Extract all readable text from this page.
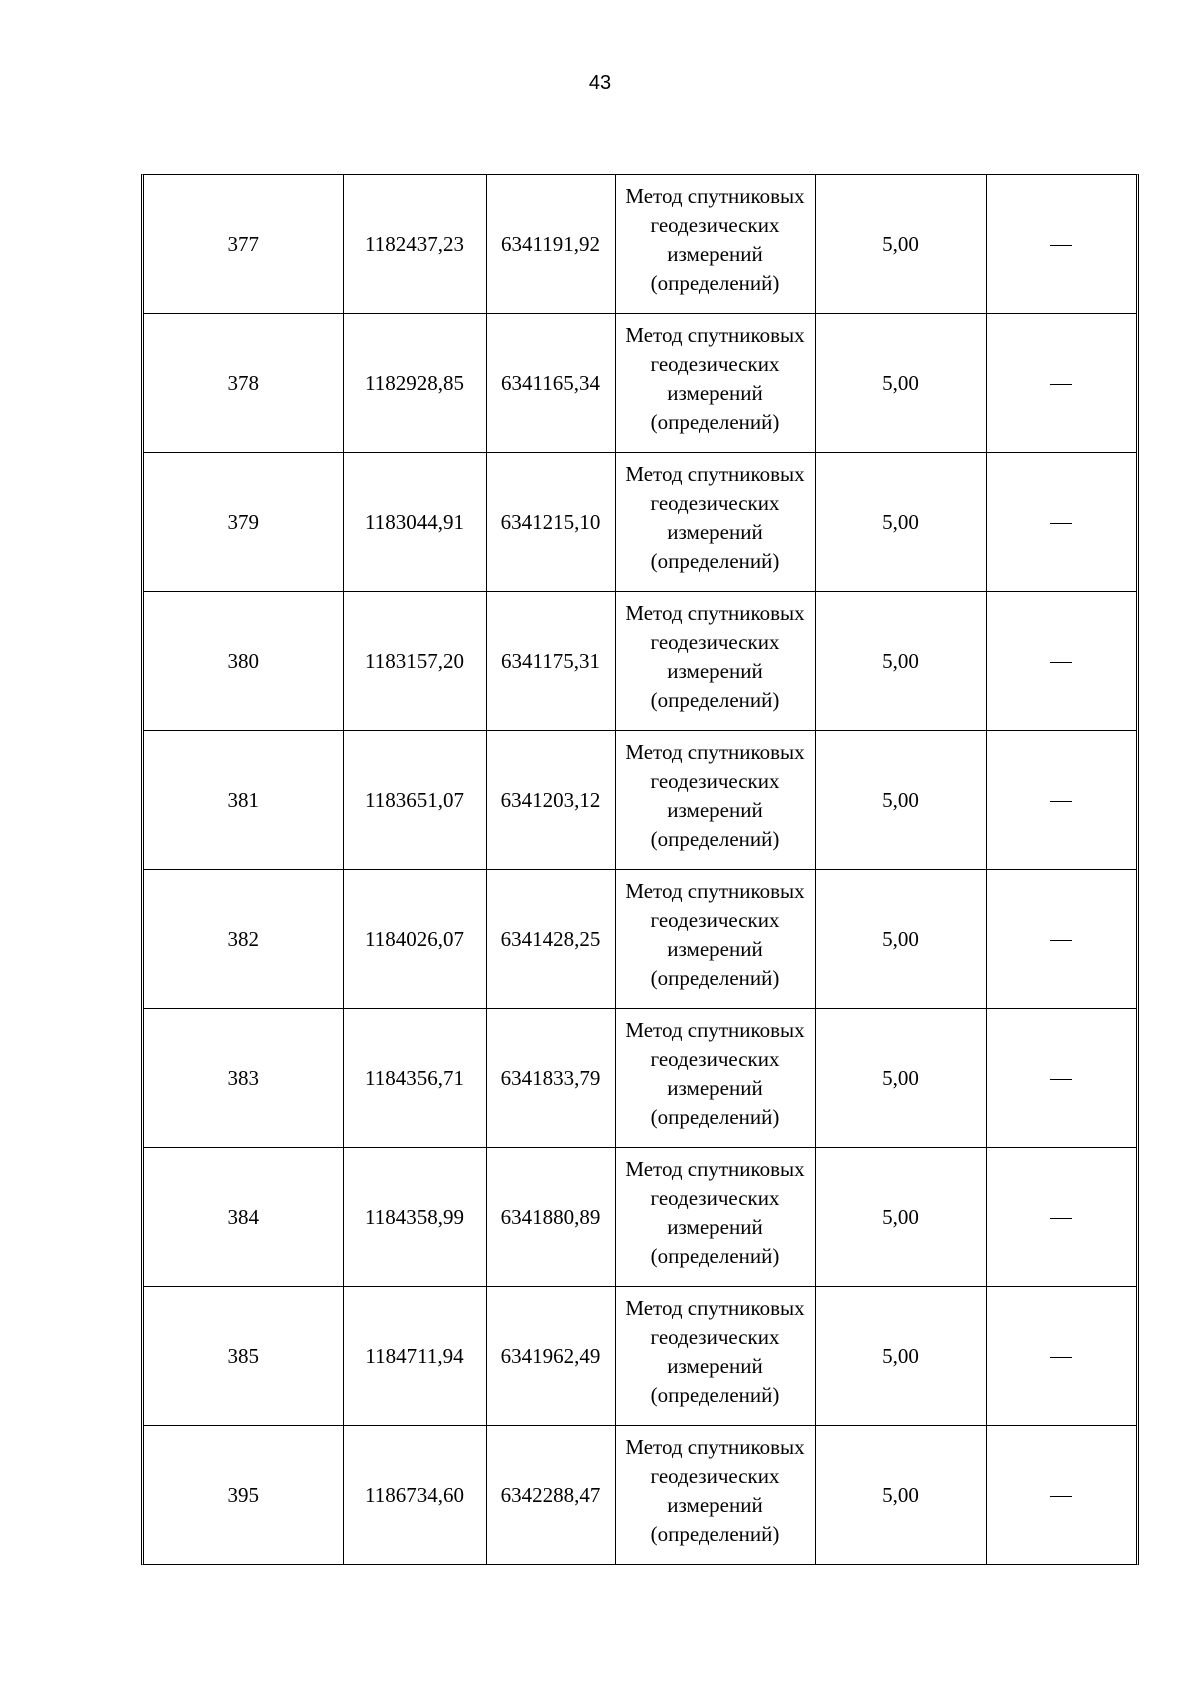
43
377	1182437,23	6341191,92	Метод спутниковых геодезических измерений (определений)	5,00	
378	1182928,85	6341165,34	Метод спутниковых геодезических измерений (определений)	5,00	
379	1183044,91	6341215,10	Метод спутниковых геодезических измерений (определений)	5,00	
380	1183157,20	6341175,31	Метод спутниковых геодезических измерений (определений)	5,00	
381	1183651,07	6341203,12	Метод спутниковых геодезических измерений (определений)	5,00	
382	1184026,07	6341428,25	Метод спутниковых геодезических измерений (определений)	5,00	
383	1184356,71	6341833,79	Метод спутниковых геодезических измерений (определений)	5,00	
384	1184358,99	6341880,89	Метод спутниковых геодезических измерений (определений)	5,00	
385	1184711,94	6341962,49	Метод спутниковых геодезических измерений (определений)	5,00	
395	1186734,60	6342288,47	Метод спутниковых геодезических измерений (определений)	5,00	
